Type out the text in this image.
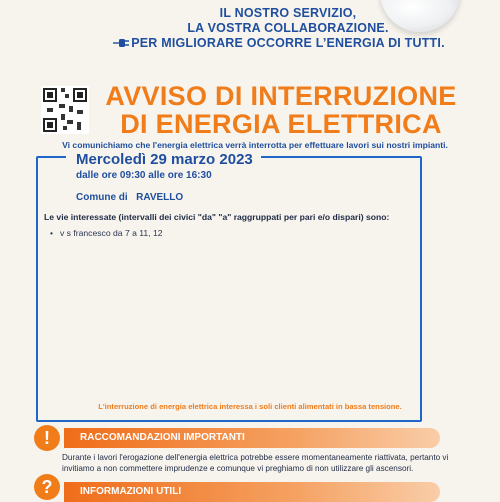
IL NOSTRO SERVIZIO,
LA VOSTRA COLLABORAZIONE.
PER MIGLIORARE OCCORRE L’ENERGIA DI TUTTI.
AVVISO DI INTERRUZIONE
DI ENERGIA ELETTRICA
Vi comunichiamo che l'energia elettrica verrà interrotta per effettuare lavori sui nostri impianti.
Mercoledì 29 marzo 2023
dalle ore 09:30 alle ore 16:30
Comune di RAVELLO
Le vie interessate (intervalli dei civici "da" "a" raggruppati per pari e/o dispari) sono:
• v s francesco da 7 a 11, 12
L'interruzione di energia elettrica interessa i soli clienti alimentati in bassa tensione.
!	RACCOMANDAZIONI IMPORTANTI
Durante i lavori l'erogazione dell'energia elettrica potrebbe essere momentaneamente riattivata, pertanto vi invitiamo a non commettere imprudenze e comunque vi preghiamo di non utilizzare gli ascensori.
?	INFORMAZIONI UTILI
